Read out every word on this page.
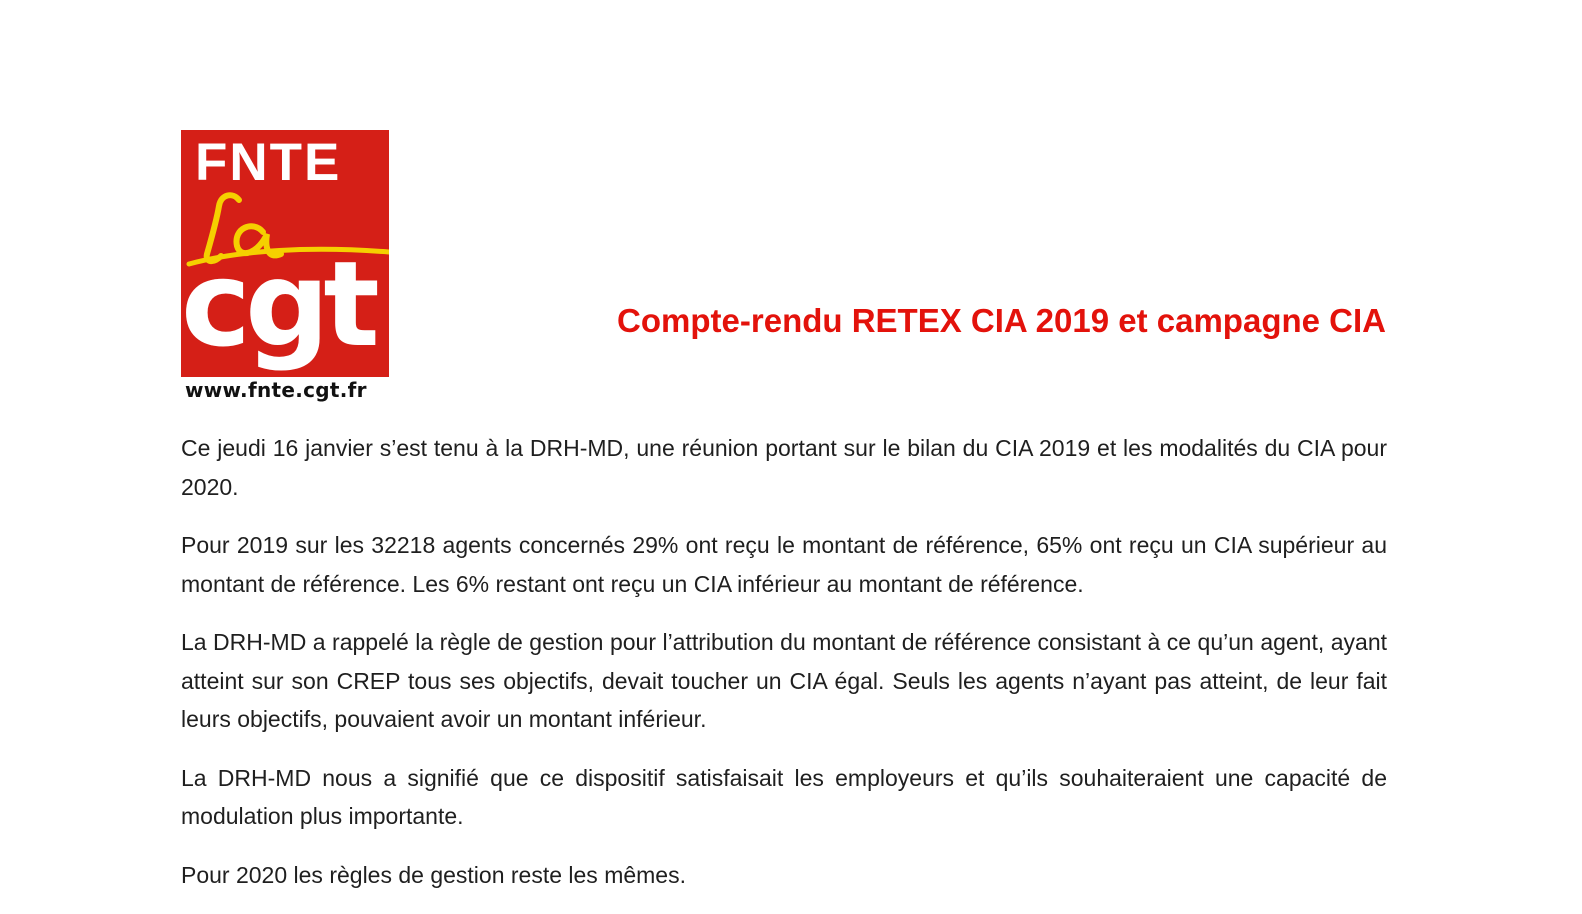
FNTE
cgt
www.fnte.cgt.fr
Compte-rendu RETEX CIA 2019 et campagne CIA

Ce jeudi 16 janvier s’est tenu à la DRH-MD, une réunion portant sur le bilan du CIA 2019 et les modalités du CIA pour 2020.

Pour 2019 sur les 32218 agents concernés 29% ont reçu le montant de référence, 65% ont reçu un CIA supérieur au montant de référence. Les 6% restant ont reçu un CIA inférieur au montant de référence.

La DRH-MD a rappelé la règle de gestion pour l’attribution du montant de référence consistant à ce qu’un agent, ayant atteint sur son CREP tous ses objectifs, devait toucher un CIA égal. Seuls les agents n’ayant pas atteint, de leur fait leurs objectifs, pouvaient avoir un montant inférieur.

La DRH-MD nous a signifié que ce dispositif satisfaisait les employeurs et qu’ils souhaiteraient une capacité de modulation plus importante.

Pour 2020 les règles de gestion reste les mêmes.
